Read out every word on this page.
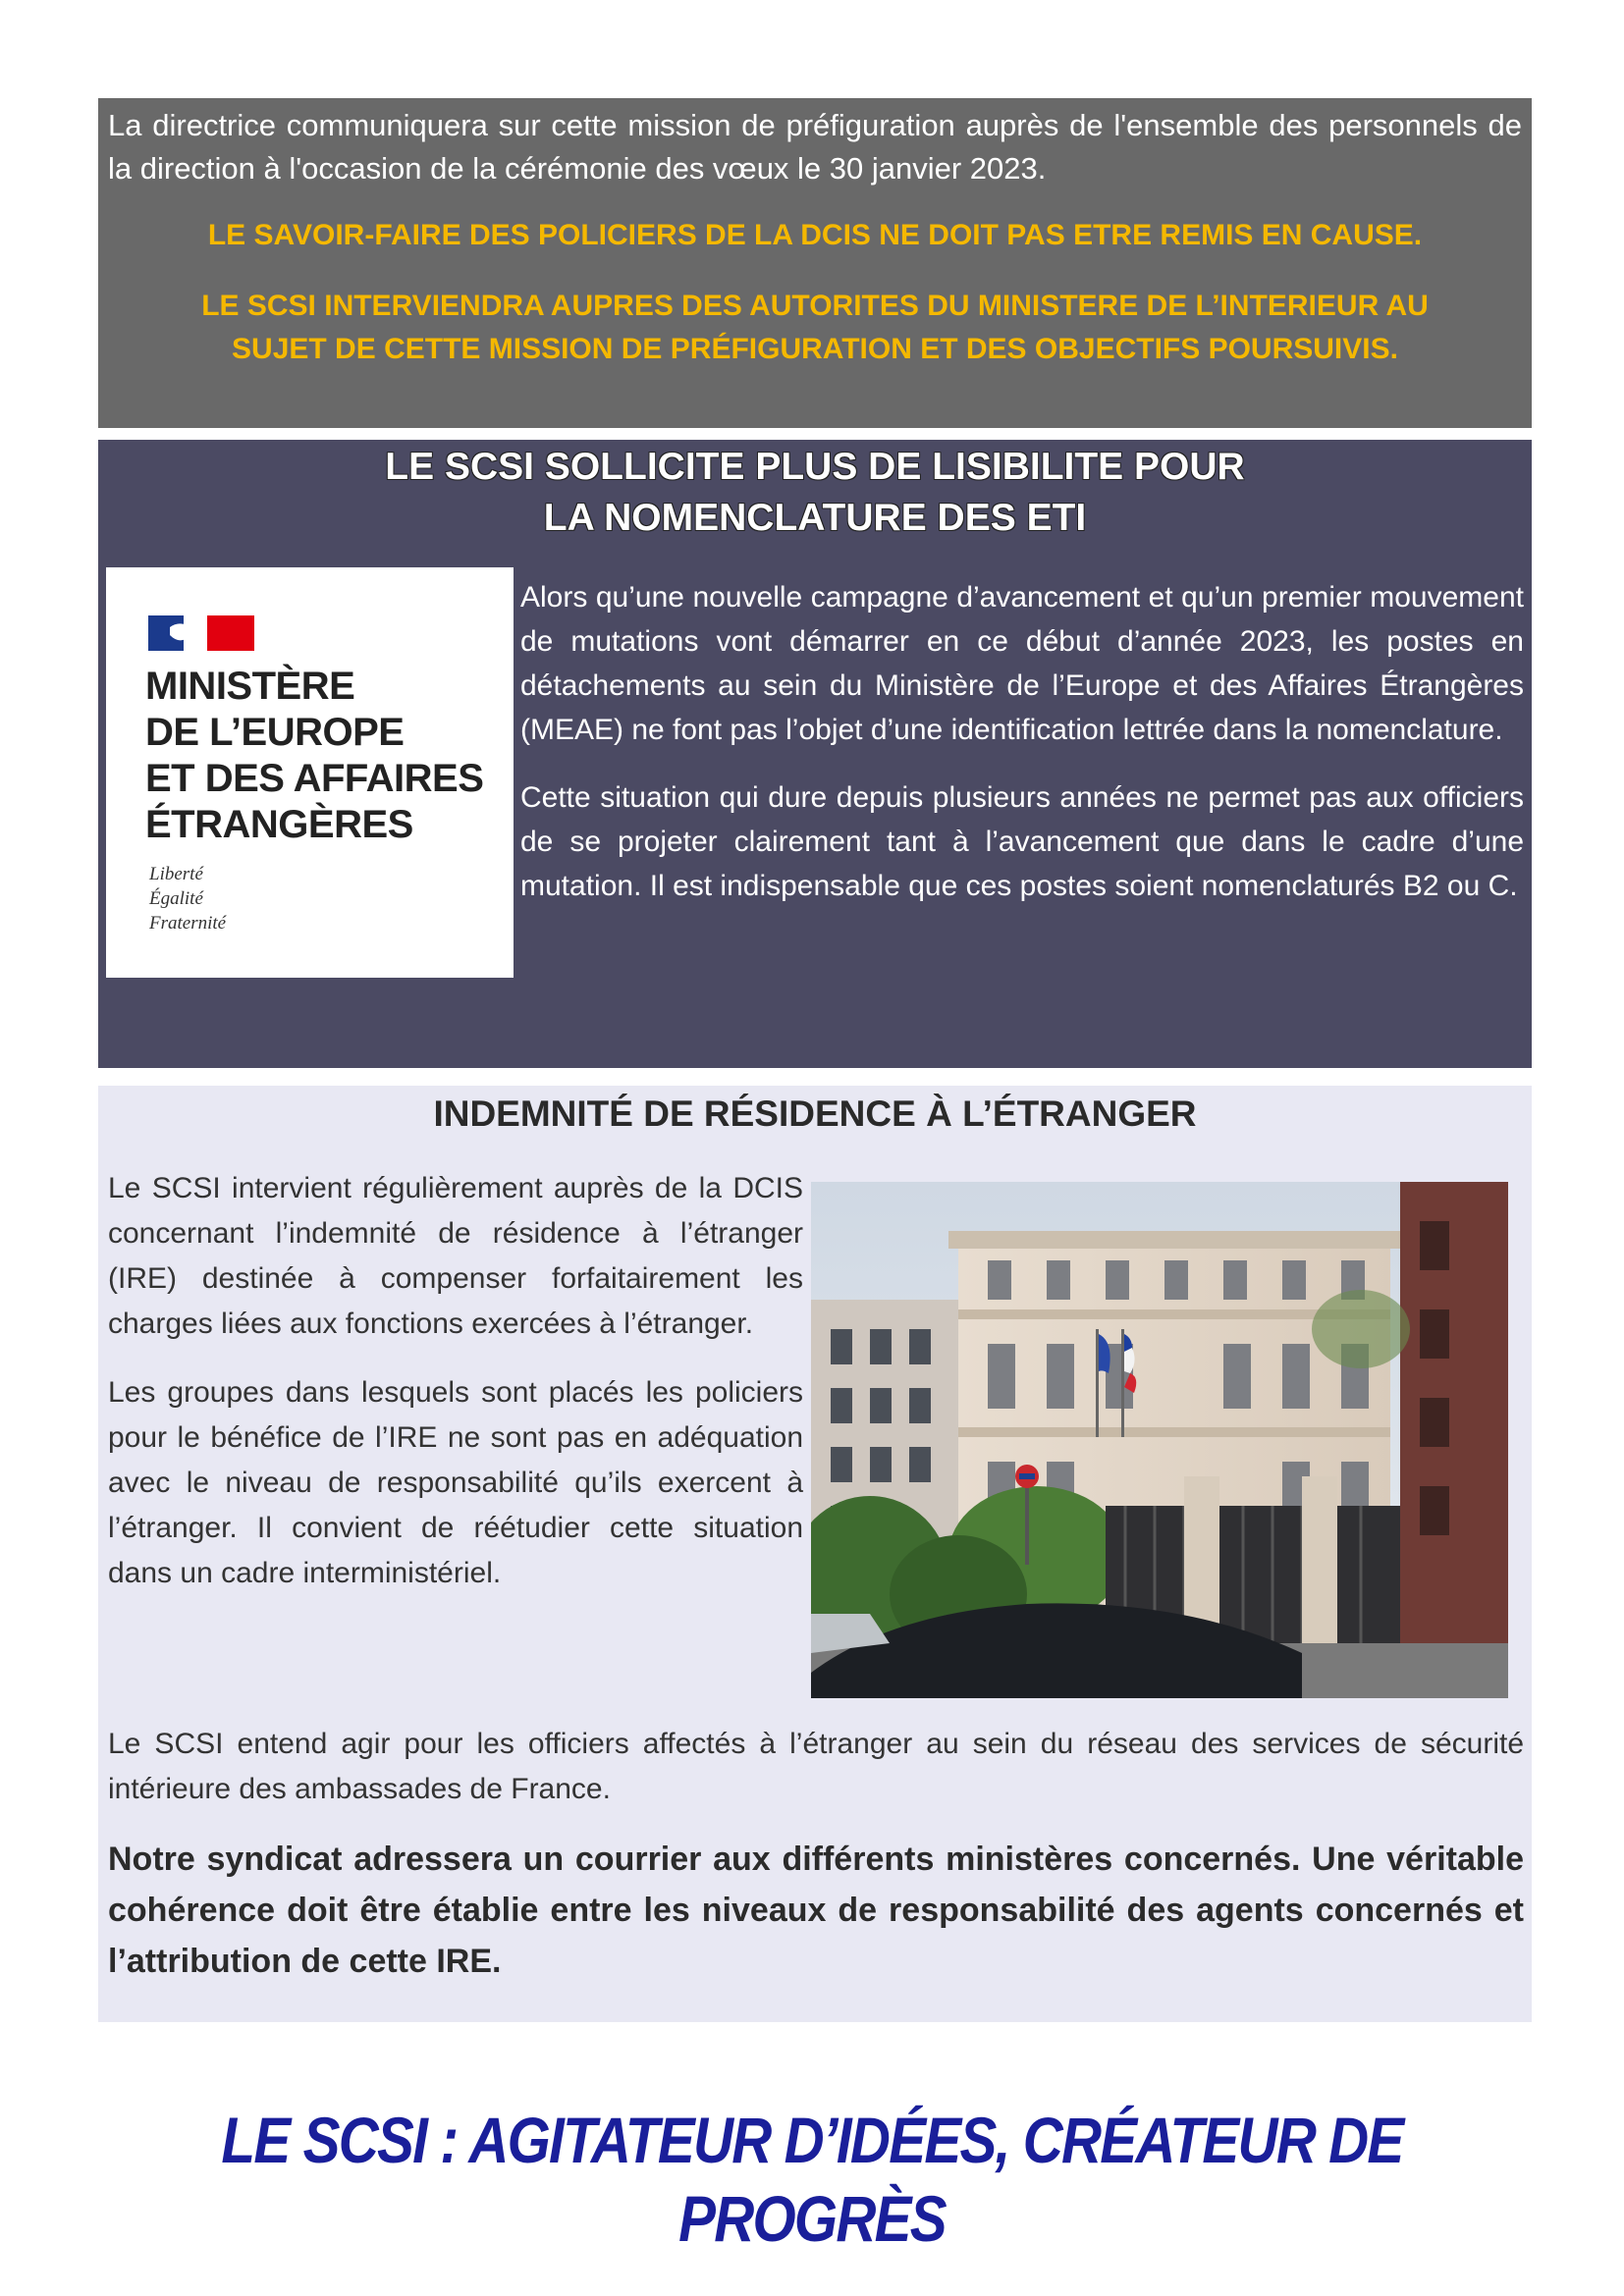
La directrice communiquera sur cette mission de préfiguration auprès de l'ensemble des personnels de la direction à l'occasion de la cérémonie des vœux le 30 janvier 2023.

LE SAVOIR-FAIRE DES POLICIERS DE LA DCIS NE DOIT PAS ETRE REMIS EN CAUSE.

LE SCSI INTERVIENDRA AUPRES DES AUTORITES DU MINISTERE DE L’INTERIEUR AU
SUJET DE CETTE MISSION DE PRÉFIGURATION ET DES OBJECTIFS POURSUIVIS.

LE SCSI SOLLICITE PLUS DE LISIBILITE POUR
LA NOMENCLATURE DES ETI
MINISTÈRE
DE L’EUROPE
ET DES AFFAIRES
ÉTRANGÈRES
Liberté
Égalité
Fraternité

Alors qu’une nouvelle campagne d’avancement et qu’un premier mouvement de mutations vont démarrer en ce début d’année 2023, les postes en détachements au sein du Ministère de l’Europe et des Affaires Étrangères (MEAE) ne font pas l’objet d’une identification lettrée dans la nomenclature.

Cette situation qui dure depuis plusieurs années ne permet pas aux officiers de se projeter clairement tant à l’avancement que dans le cadre d’une mutation. Il est indispensable que ces postes soient nomenclaturés B2 ou C.

INDEMNITÉ DE RÉSIDENCE À L’ÉTRANGER

Le SCSI intervient régulièrement auprès de la DCIS concernant l’indemnité de résidence à l’étranger (IRE) destinée à compenser forfaitairement les charges liées aux fonctions exercées à l’étranger.

Les groupes dans lesquels sont placés les policiers pour le bénéfice de l’IRE ne sont pas en adéquation avec le niveau de responsabilité qu’ils exercent à l’étranger. Il convient de réétudier cette situation dans un cadre interministériel.

Le SCSI entend agir pour les officiers affectés à l’étranger au sein du réseau des services de sécurité intérieure des ambassades de France.

Notre syndicat adressera un courrier aux différents ministères concernés. Une véritable cohérence doit être établie entre les niveaux de responsabilité des agents concernés et l’attribution de cette IRE.

LE SCSI : AGITATEUR D’IDÉES, CRÉATEUR DE PROGRÈS
